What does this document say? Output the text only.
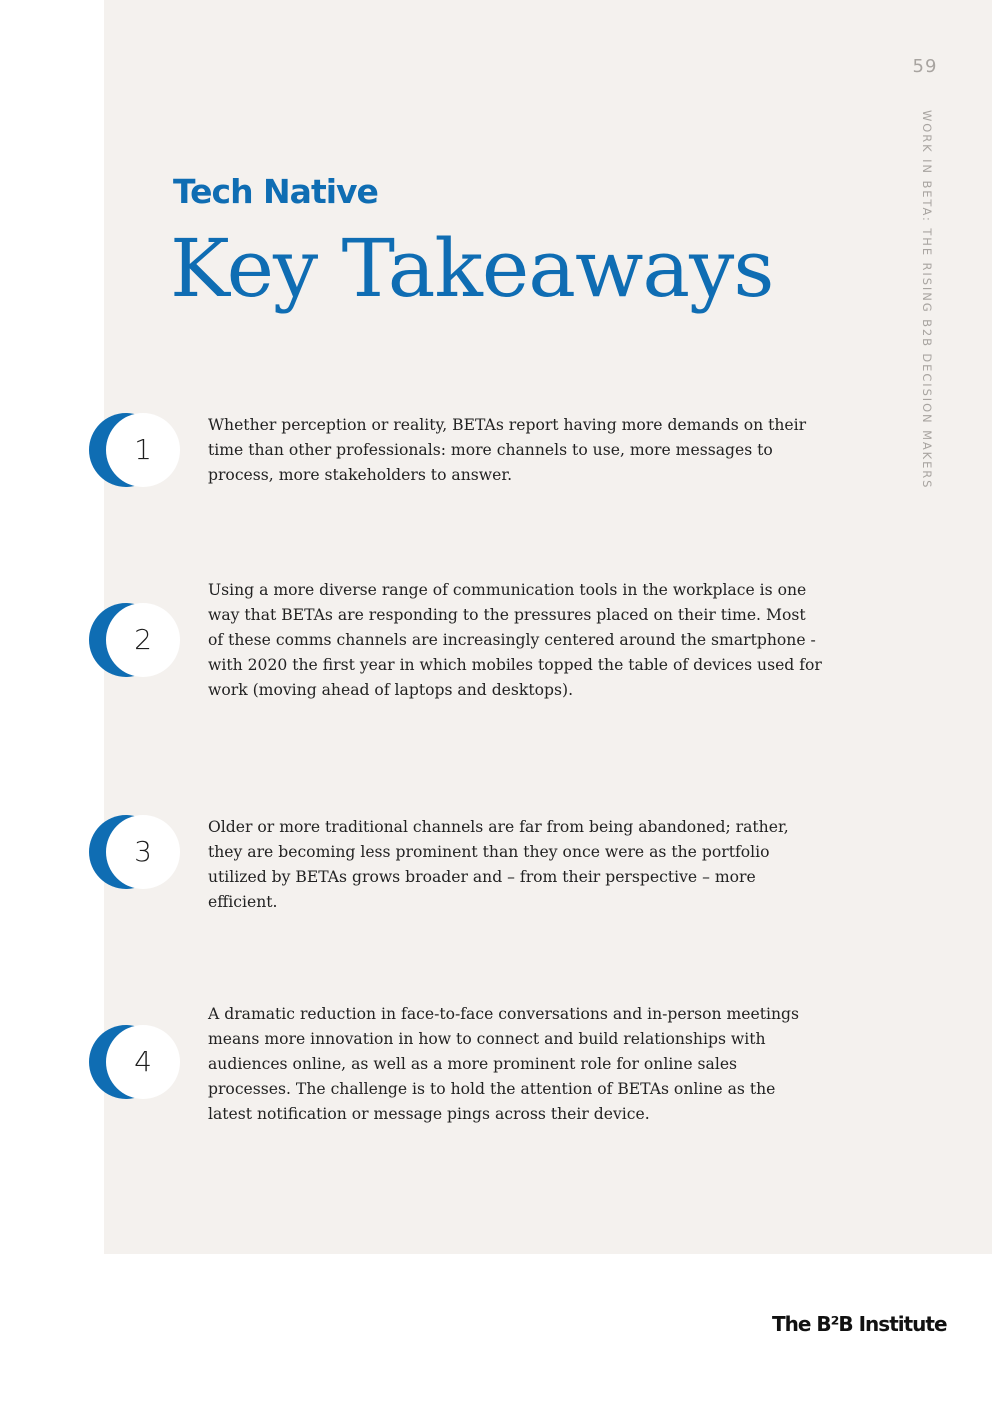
59
WORK IN BETA: THE RISING B2B DECISION MAKERS
Tech Native
Key Takeaways
1

Whether perception or reality, BETAs report having more demands on their time than other professionals: more channels to use, more messages to process, more stakeholders to answer.

2

Using a more diverse range of communication tools in the workplace is one way that BETAs are responding to the pressures placed on their time. Most of these comms channels are increasingly centered around the smartphone - with 2020 the first year in which mobiles topped the table of devices used for work (moving ahead of laptops and desktops).

3

Older or more traditional channels are far from being abandoned; rather, they are becoming less prominent than they once were as the portfolio utilized by BETAs grows broader and – from their perspective – more efficient.

4

A dramatic reduction in face-to-face conversations and in-person meetings means more innovation in how to connect and build relationships with audiences online, as well as a more prominent role for online sales processes. The challenge is to hold the attention of BETAs online as the latest notification or message pings across their device.

The B²B Institute
